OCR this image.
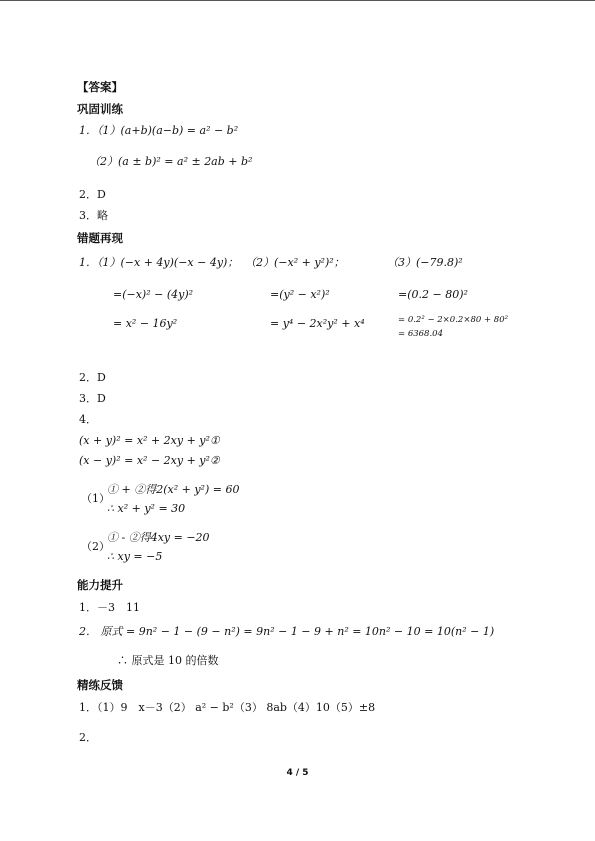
【答案】
巩固训练
1．（1）(a+b)(a−b) = a² − b²
（2）(a ± b)² = a² ± 2ab + b²
2．D
3．略
错题再现
1．（1）(−x + 4y)(−x − 4y)；
=(−x)² − (4y)²
= x² − 16y²
（2）(−x² + y²)²；
=(y² − x²)²
= y⁴ − 2x²y² + x⁴
（3）(−79.8)²
=(0.2 − 80)²
= 0.2² − 2×0.2×80 + 80²
= 6368.04
2．D
3．D
4．
(x + y)² = x² + 2xy + y²①
(x − y)² = x² − 2xy + y²②
（1）
① + ②得2(x² + y²) = 60
∴ x² + y² = 30
（2）
① - ②得4xy = −20
∴ xy = −5
能力提升
1．－3　11
2． 原式 = 9n² − 1 − (9 − n²) = 9n² − 1 − 9 + n² = 10n² − 10 = 10(n² − 1)
∴ 原式是 10 的倍数
精练反馈
1．（1）9　x－3（2） a² − b²（3） 8ab（4）10（5）±8
2．
4 / 5
